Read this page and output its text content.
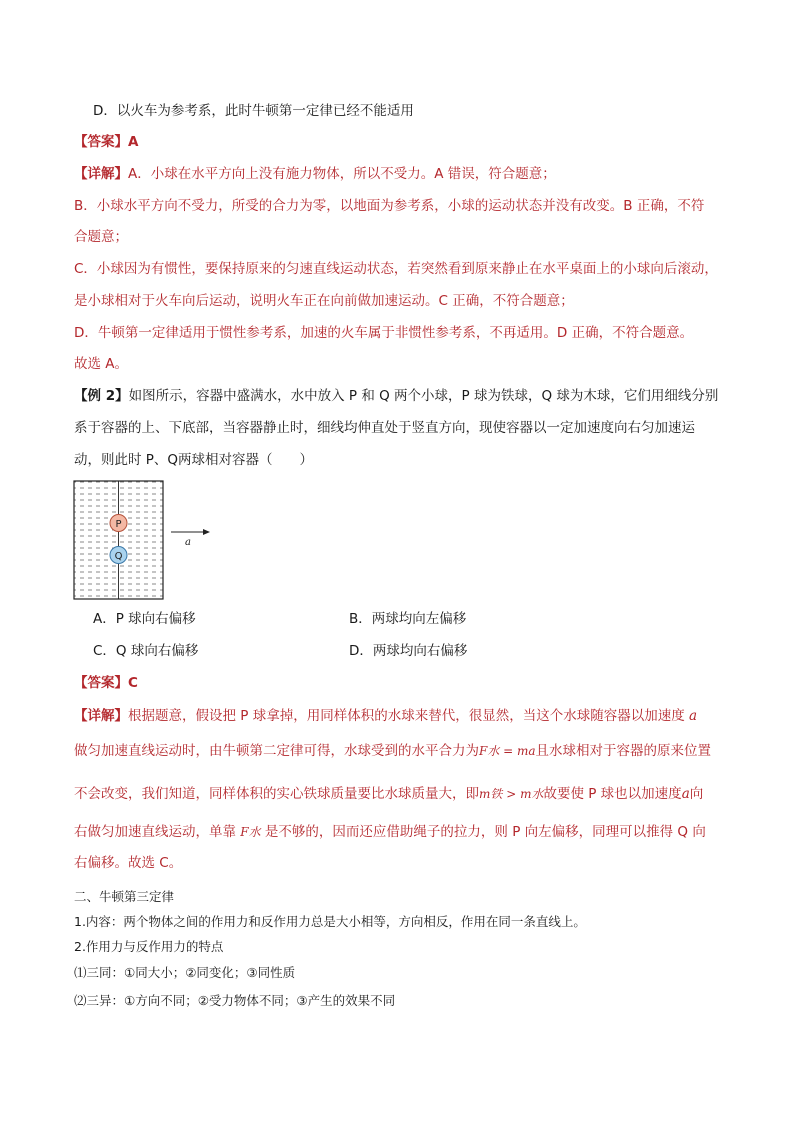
D．以火车为参考系，此时牛顿第一定律已经不能适用
【答案】A
【详解】A．小球在水平方向上没有施力物体，所以不受力。A 错误，符合题意；
B．小球水平方向不受力，所受的合力为零，以地面为参考系，小球的运动状态并没有改变。B 正确，不符
合题意；
C．小球因为有惯性，要保持原来的匀速直线运动状态，若突然看到原来静止在水平桌面上的小球向后滚动，
是小球相对于火车向后运动，说明火车正在向前做加速运动。C 正确，不符合题意；
D．牛顿第一定律适用于惯性参考系，加速的火车属于非惯性参考系，不再适用。D 正确，不符合题意。
故选 A。
【例 2】如图所示，容器中盛满水，水中放入 P 和 Q 两个小球，P 球为铁球，Q 球为木球，它们用细线分别
系于容器的上、下底部，当容器静止时，细线均伸直处于竖直方向，现使容器以一定加速度向右匀加速运
动，则此时 P、Q两球相对容器（　　）
P
Q
a
A．P 球向右偏移	B．两球均向左偏移
C．Q 球向右偏移	D．两球均向右偏移
【答案】C
【详解】根据题意，假设把 P 球拿掉，用同样体积的水球来替代，很显然，当这个水球随容器以加速度 a
做匀加速直线运动时，由牛顿第二定律可得，水球受到的水平合力为F水 = ma且水球相对于容器的原来位置
不会改变，我们知道，同样体积的实心铁球质量要比水球质量大，即m铁 > m水故要使 P 球也以加速度a向
右做匀加速直线运动，单靠 F水 是不够的，因而还应借助绳子的拉力，则 P 向左偏移，同理可以推得 Q 向
右偏移。故选 C。
二、牛顿第三定律
1.内容：两个物体之间的作用力和反作用力总是大小相等，方向相反，作用在同一条直线上。
2.作用力与反作用力的特点
⑴三同：①同大小；②同变化；③同性质
⑵三异：①方向不同；②受力物体不同；③产生的效果不同
